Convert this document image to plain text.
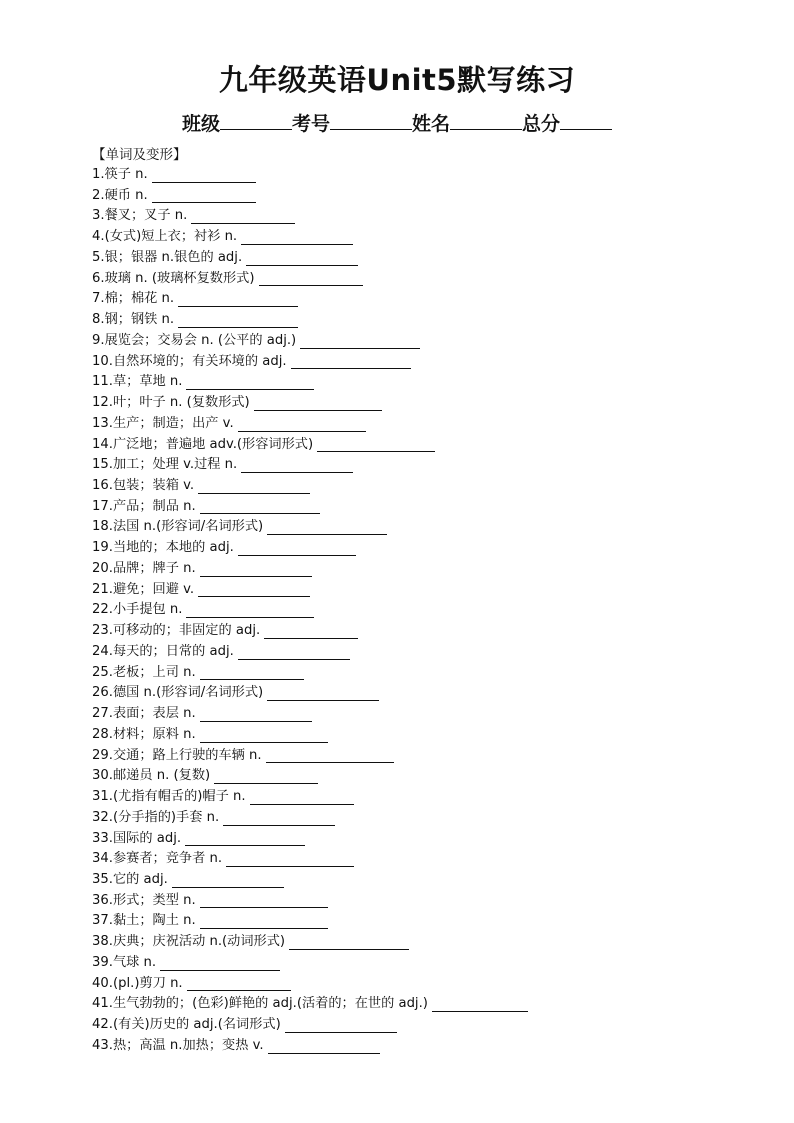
九年级英语Unit5默写练习
班级	考号	姓名	总分
【单词及变形】
1. 筷子 n.
2. 硬币 n.
3. 餐叉；叉子 n.
4. (女式)短上衣；衬衫 n.
5. 银；银器 n.银色的 adj.
6. 玻璃 n. (玻璃杯复数形式)
7. 棉；棉花 n.
8. 钢；钢铁 n.
9. 展览会；交易会 n. (公平的 adj.)
10. 自然环境的；有关环境的 adj.
11. 草；草地 n.
12. 叶；叶子 n. (复数形式)
13. 生产；制造；出产 v.
14. 广泛地；普遍地 adv.(形容词形式)
15. 加工；处理 v.过程 n.
16. 包装；装箱 v.
17. 产品；制品 n.
18. 法国 n.(形容词/名词形式)
19. 当地的；本地的 adj.
20. 品牌；牌子 n.
21. 避免；回避 v.
22. 小手提包 n.
23. 可移动的；非固定的 adj.
24. 每天的；日常的 adj.
25. 老板；上司 n.
26. 德国 n.(形容词/名词形式)
27. 表面；表层 n.
28. 材料；原料 n.
29. 交通；路上行驶的车辆 n.
30. 邮递员 n. (复数)
31. (尤指有帽舌的)帽子 n.
32. (分手指的)手套 n.
33. 国际的 adj.
34. 参赛者；竞争者 n.
35. 它的 adj.
36. 形式；类型 n.
37. 黏土；陶土 n.
38. 庆典；庆祝活动 n.(动词形式)
39. 气球 n.
40. (pl.)剪刀 n.
41. 生气勃勃的；(色彩)鲜艳的 adj.(活着的；在世的 adj.)
42. (有关)历史的 adj.(名词形式)
43. 热；高温 n.加热；变热 v.
